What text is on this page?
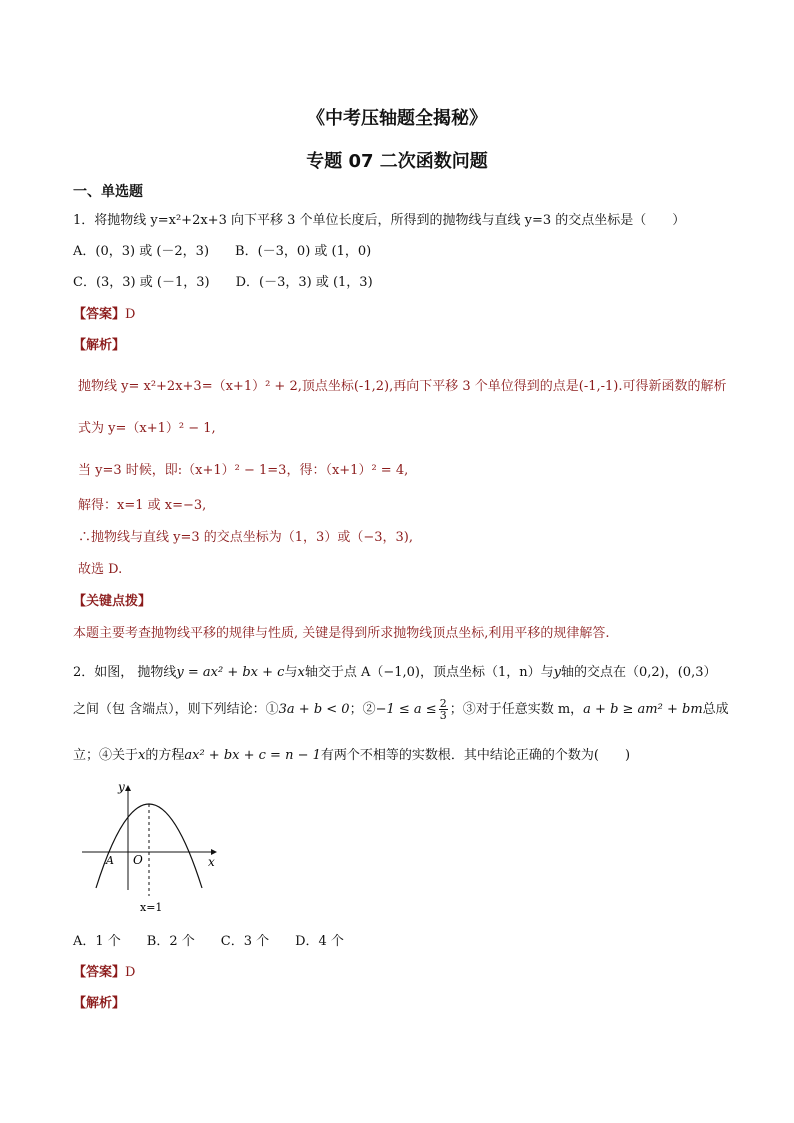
《中考压轴题全揭秘》
专题 07 二次函数问题
一、单选题
1．将抛物线 y=x²+2x+3 向下平移 3 个单位长度后，所得到的抛物线与直线 y=3 的交点坐标是（　　）
A．(0，3) 或 (－2，3)　　B．(－3，0) 或 (1，0)
C．(3，3) 或 (－1，3)　　D．(－3，3) 或 (1，3)
【答案】D
【解析】
抛物线 y= x²+2x+3=（x+1）² + 2,顶点坐标(-1,2),再向下平移 3 个单位得到的点是(-1,-1).可得新函数的解析
式为 y=（x+1）² − 1,
当 y=3 时候，即:（x+1）² − 1=3，得：（x+1）² = 4,
解得：x=1 或 x=−3,
∴抛物线与直线 y=3 的交点坐标为（1，3）或（−3，3),
故选 D.
【关键点拨】
本题主要考查抛物线平移的规律与性质, 关键是得到所求抛物线顶点坐标,利用平移的规律解答.
2．如图， 抛物线y = ax² + bx + c与x轴交于点 A（−1,0)，顶点坐标（1，n）与y轴的交点在（0,2)，(0,3）
之间（包 含端点），则下列结论：①3a + b < 0；②−1 ≤ $a \le \frac{2}{3}$ ；③对于任意实数 m，a + b ≥ am² + bm总成
立；④关于x的方程ax² + bx + c = n − 1有两个不相等的实数根．其中结论正确的个数为(　　)
y
x
A O
x=1
A．1 个　　B．2 个　　C．3 个　　D．4 个
【答案】D
【解析】
